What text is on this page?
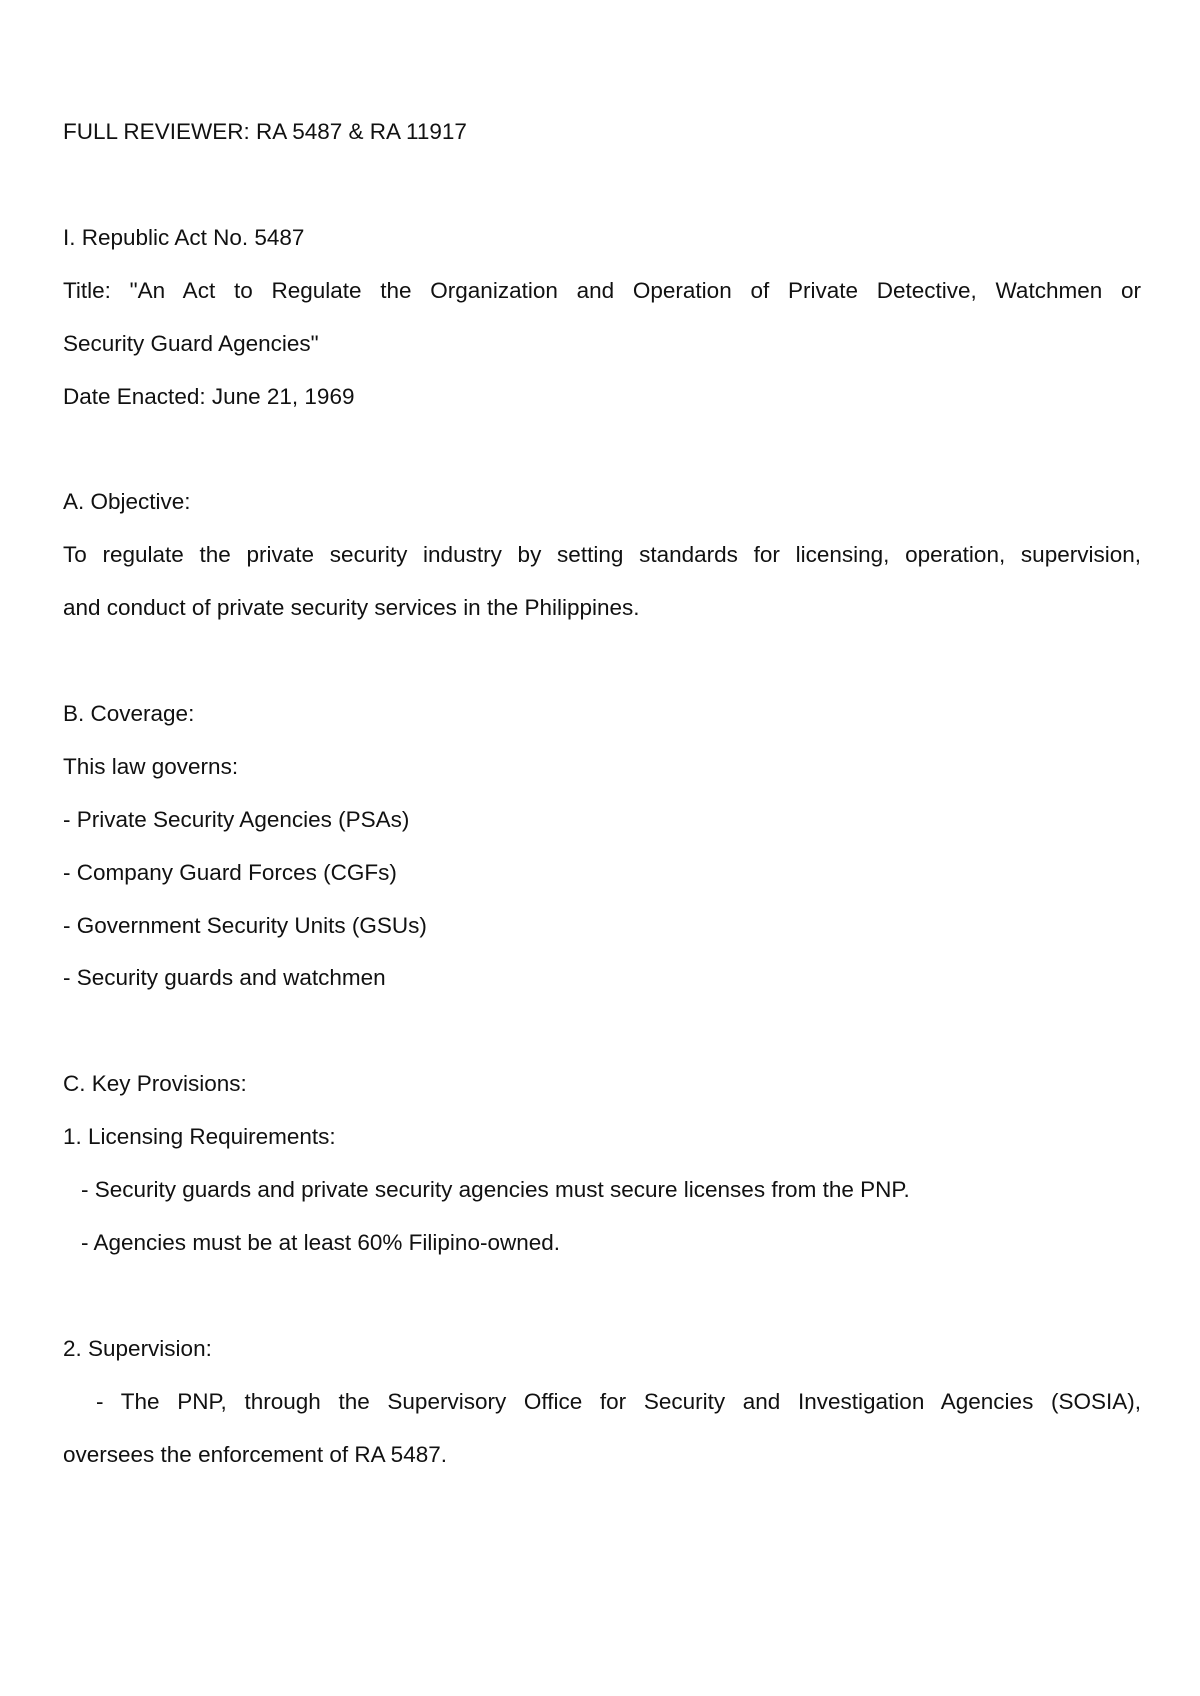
FULL REVIEWER: RA 5487 & RA 11917

I. Republic Act No. 5487

Title: "An Act to Regulate the Organization and Operation of Private Detective, Watchmen or

Security Guard Agencies"

Date Enacted: June 21, 1969

A. Objective:

To regulate the private security industry by setting standards for licensing, operation, supervision,

and conduct of private security services in the Philippines.

B. Coverage:

This law governs:

- Private Security Agencies (PSAs)

- Company Guard Forces (CGFs)

- Government Security Units (GSUs)

- Security guards and watchmen

C. Key Provisions:

1. Licensing Requirements:

- Security guards and private security agencies must secure licenses from the PNP.

- Agencies must be at least 60% Filipino-owned.

2. Supervision:

- The PNP, through the Supervisory Office for Security and Investigation Agencies (SOSIA),

oversees the enforcement of RA 5487.
